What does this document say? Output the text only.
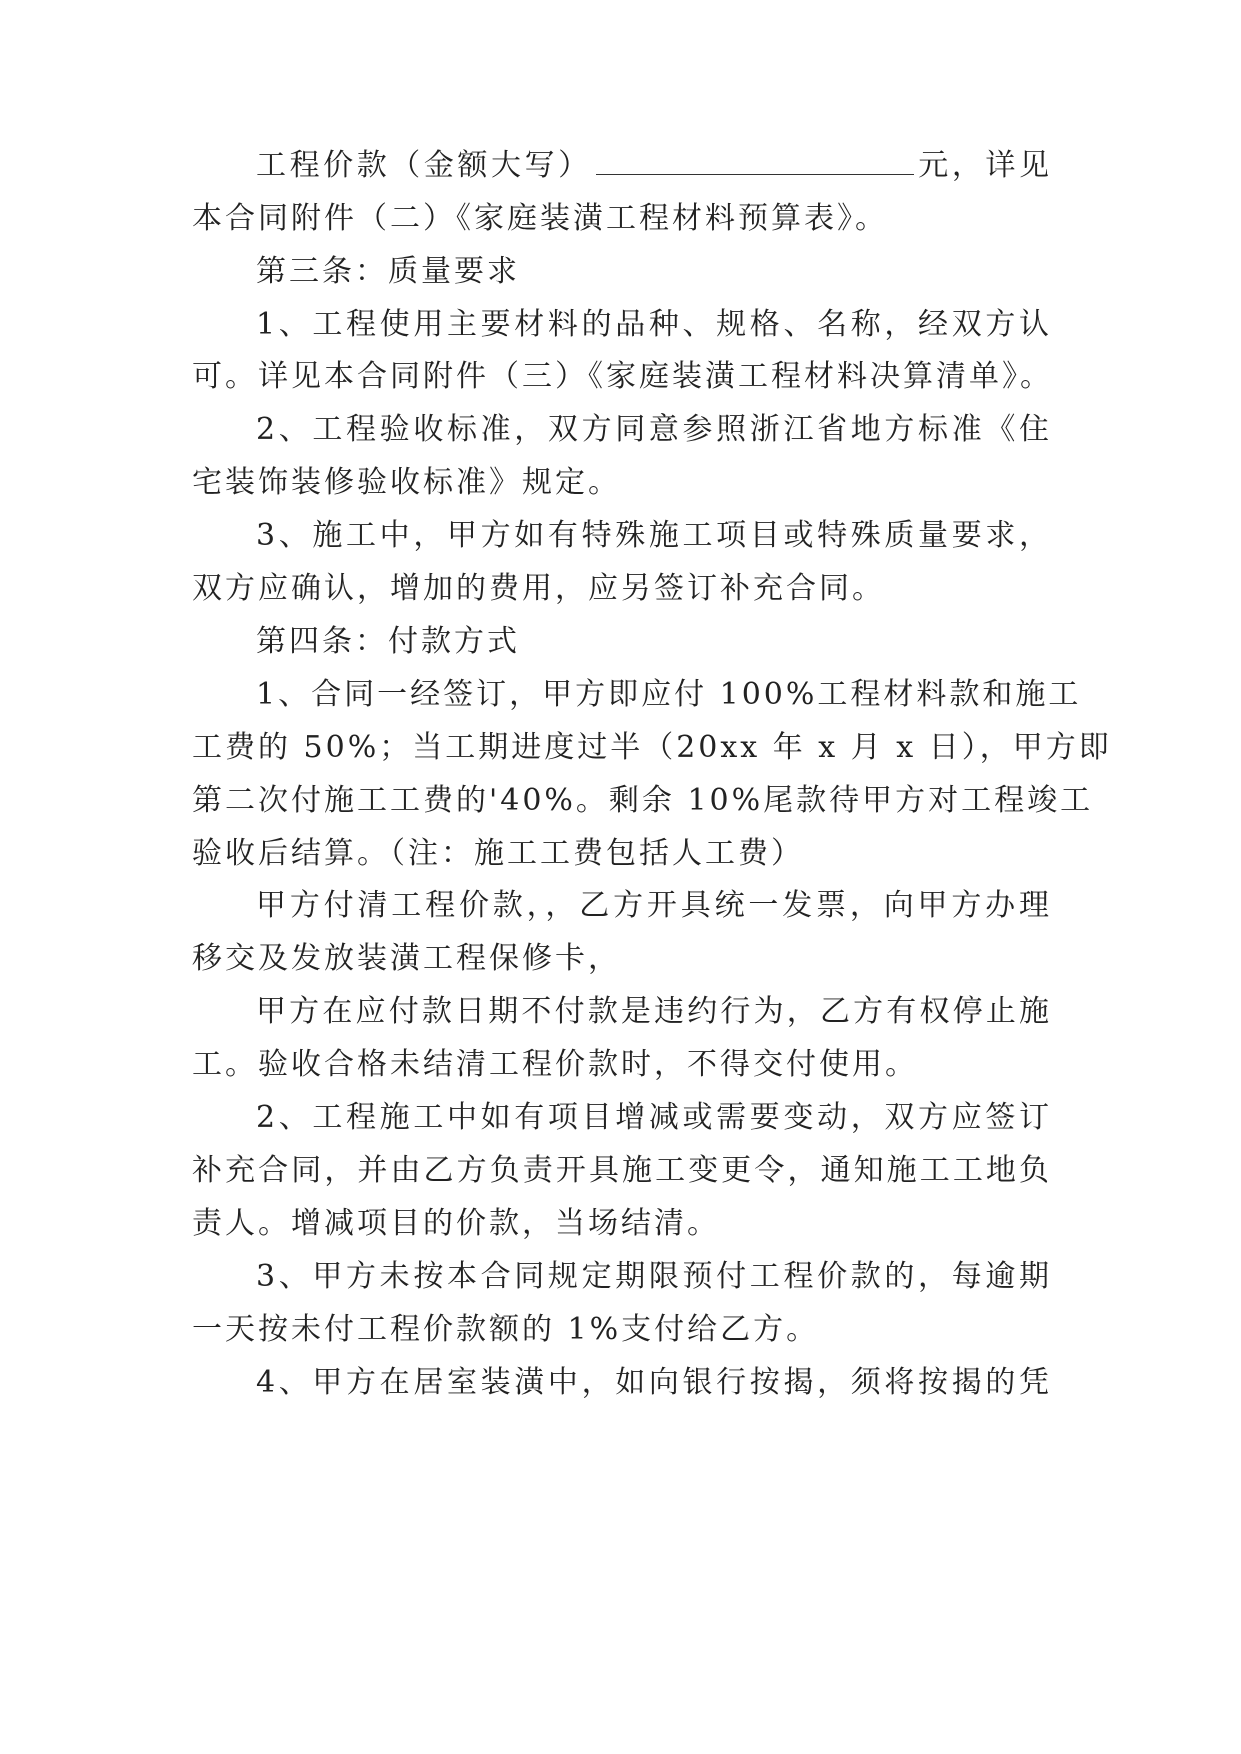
工程价款（金额大写）	元，详见
本合同附件（二）《家庭装潢工程材料预算表》。
第三条：质量要求
1、工程使用主要材料的品种、规格、名称，经双方认
可。详见本合同附件（三）《家庭装潢工程材料决算清单》。
2、工程验收标准，双方同意参照浙江省地方标准《住
宅装饰装修验收标准》规定。
3、施工中，甲方如有特殊施工项目或特殊质量要求，
双方应确认，增加的费用，应另签订补充合同。
第四条：付款方式
1、合同一经签订，甲方即应付 100%工程材料款和施工
工费的 50%；当工期进度过半（20xx 年 x 月 x 日），甲方即
第二次付施工工费的'40%。剩余 10%尾款待甲方对工程竣工
验收后结算。（注：施工工费包括人工费）
甲方付清工程价款，，乙方开具统一发票，向甲方办理
移交及发放装潢工程保修卡，
甲方在应付款日期不付款是违约行为，乙方有权停止施
工。验收合格未结清工程价款时，不得交付使用。
2、工程施工中如有项目增减或需要变动，双方应签订
补充合同，并由乙方负责开具施工变更令，通知施工工地负
责人。增减项目的价款，当场结清。
3、甲方未按本合同规定期限预付工程价款的，每逾期
一天按未付工程价款额的 1%支付给乙方。
4、甲方在居室装潢中，如向银行按揭，须将按揭的凭
